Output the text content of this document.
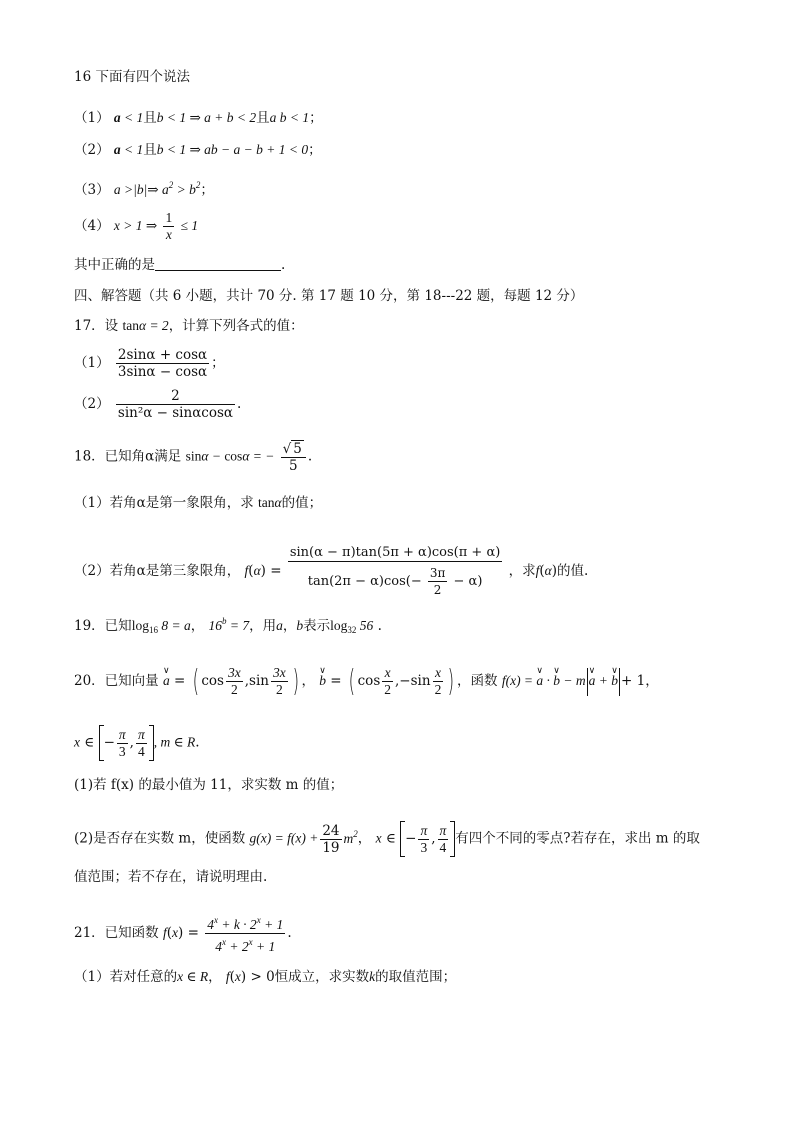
16 下面有四个说法
（1） a < 1且b < 1 ⇒ a + b < 2且a b < 1；
（2） a < 1且b < 1 ⇒ ab − a − b + 1 < 0；
（3） a >|b|⇒ $a^2 > b^2$；
（4） x > 1 ⇒ $\frac{1}{x} \le 1$
其中正确的是	.
四、解答题（共 6 小题，共计 70 分. 第 17 题 10 分，第 18---22 题，每题 12 分）
17．设 tanα = 2，计算下列各式的值：
$(1) \frac{2\sin\alpha + \cos\alpha}{3\sin\alpha - \cos\alpha}$ ；
$(2) \frac{2}{\text{sin²α − sinαcosα}}$ .
18．已知角α满足 sinα − cosα = − $\frac{√ 5}{5}$ .
（1）若角α是第一象限角，求 tanα的值；
（2）若角α是第三象限角， $f(\alpha) = \frac{\sin(\alpha - \pi)\tan(5\pi + \alpha)\cos(\pi + \alpha)}{\tan(2\pi - \alpha)\cos(- \frac{3\pi}{2} - \alpha)}$ ，求f(α)的值.
19．已知$\log_{16} 8 = a$， $16^b = 7$，用a，b表示$\log_{32} 56$ .
20．已知向量 ∨ a = ( $\cos \frac{3x}{2} ,\sin \frac{3x}{2}$ ) ， ∨ b = ( $\cos \frac{x}{2} ,-\sin \frac{x}{2}$ ) ，函数 f(x) = ∨ a · ∨ b − m ∨ a + ∨ b + 1，
x ∈ − $\frac{\pi}{3}$ , $\frac{\pi}{4}$ , m ∈ R.
(1)若 f(x) 的最小值为 11，求实数 m 的值；
(2)是否存在实数 m，使函数 $g(x) = f(x) + \frac{24}{19} m^2$， x ∈ − $\frac{\pi}{3}$ , $\frac{\pi}{4}$ 有四个不同的零点?若存在，求出 m 的取
值范围；若不存在，请说明理由.
21．已知函数 $f(x) = \frac{4^x + k \cdot 2^x + 1}{4^x + 2^x + 1}$ .
（1）若对任意的x ∈ R， f(x) > 0恒成立，求实数k的取值范围；
